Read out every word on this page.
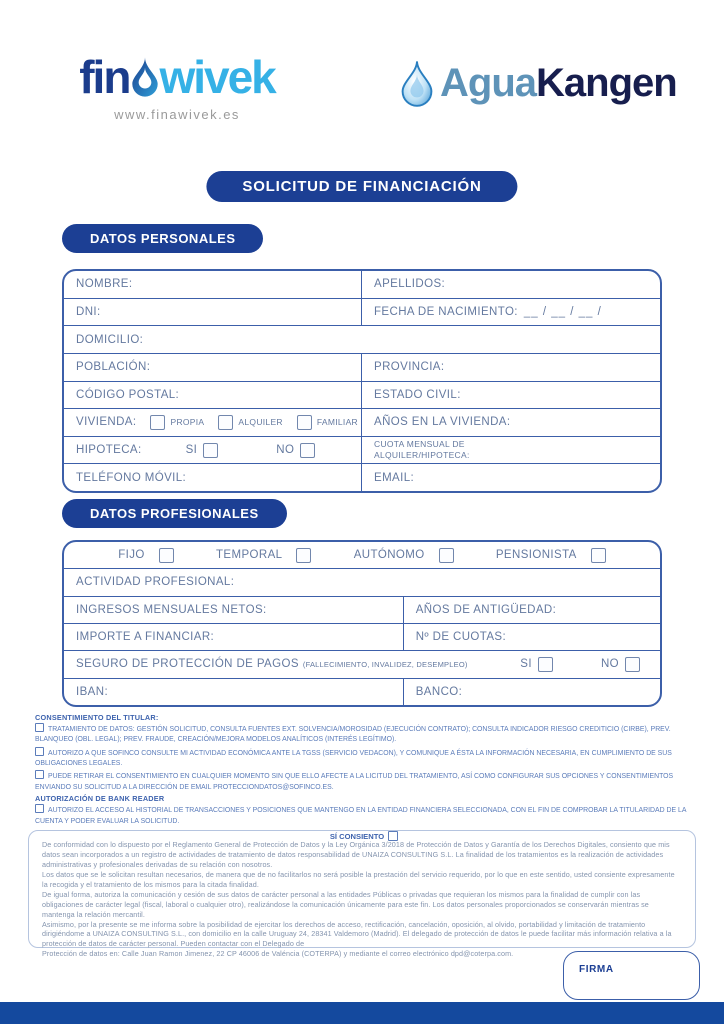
fin wivek
www.finawivek.es
Agua Kangen
SOLICITUD DE FINANCIACIÓN
DATOS PERSONALES
NOMBRE:	APELLIDOS:
DNI:	FECHA DE NACIMIENTO: __ / __ / __ /
DOMICILIO:
POBLACIÓN:	PROVINCIA:
CÓDIGO POSTAL:	ESTADO CIVIL:
VIVIENDA:	PROPIA	ALQUILER	FAMILIAR AÑOS EN LA VIVIENDA:
HIPOTECA:	SI	NO	CUOTA MENSUAL DE
ALQUILER/HIPOTECA:
TELÉFONO MÓVIL:	EMAIL:
DATOS PROFESIONALES
FIJO	TEMPORAL	AUTÓNOMO	PENSIONISTA
ACTIVIDAD PROFESIONAL:
INGRESOS MENSUALES NETOS:	AÑOS DE ANTIGÜEDAD:
IMPORTE A FINANCIAR:	Nº DE CUOTAS:
SEGURO DE PROTECCIÓN DE PAGOS (FALLECIMIENTO, INVALIDEZ, DESEMPLEO)	SI	NO
IBAN:	BANCO:
CONSENTIMIENTO DEL TITULAR:
TRATAMIENTO DE DATOS: GESTIÓN SOLICITUD, CONSULTA FUENTES EXT. SOLVENCIA/MOROSIDAD (EJECUCIÓN CONTRATO); CONSULTA INDICADOR RIESGO CREDITICIO (CIRBE), PREV. BLANQUEO (OBL. LEGAL); PREV. FRAUDE, CREACIÓN/MEJORA MODELOS ANALÍTICOS (INTERÉS LEGÍTIMO).
AUTORIZO A QUE SOFINCO CONSULTE MI ACTIVIDAD ECONÓMICA ANTE LA TGSS (SERVICIO VEDACON), Y COMUNIQUE A ÉSTA LA INFORMACIÓN NECESARIA, EN CUMPLIMIENTO DE SUS OBLIGACIONES LEGALES.
PUEDE RETIRAR EL CONSENTIMIENTO EN CUALQUIER MOMENTO SIN QUE ELLO AFECTE A LA LICITUD DEL TRATAMIENTO, ASÍ COMO CONFIGURAR SUS OPCIONES Y CONSENTIMIENTOS ENVIANDO SU SOLICITUD A LA DIRECCIÓN DE EMAIL PROTECCIONDATOS@SOFINCO.ES.
AUTORIZACIÓN DE BANK READER
AUTORIZO EL ACCESO AL HISTORIAL DE TRANSACCIONES Y POSICIONES QUE MANTENGO EN LA ENTIDAD FINANCIERA SELECCIONADA, CON EL FIN DE COMPROBAR LA TITULARIDAD DE LA CUENTA Y PODER EVALUAR LA SOLICITUD.
SÍ CONSIENTO

De conformidad con lo dispuesto por el Reglamento General de Protección de Datos y la Ley Orgánica 3/2018 de Protección de Datos y Garantía de los Derechos Digitales, consiento que mis datos sean incorporados a un registro de actividades de tratamiento de datos responsabilidad de UNAIZA CONSULTING S.L. La finalidad de los tratamientos es la realización de actividades administrativas y profesionales derivadas de su relación con nosotros.

Los datos que se le solicitan resultan necesarios, de manera que de no facilitarlos no será posible la prestación del servicio requerido, por lo que en este sentido, usted consiente expresamente la recogida y el tratamiento de los mismos para la citada finalidad.

De igual forma, autoriza la comunicación y cesión de sus datos de carácter personal a las entidades Públicas o privadas que requieran los mismos para la finalidad de cumplir con las obligaciones de carácter legal (fiscal, laboral o cualquier otro), realizándose la comunicación únicamente para este fin. Los datos personales proporcionados se conservarán mientras se mantenga la relación mercantil.

Asimismo, por la presente se me informa sobre la posibilidad de ejercitar los derechos de acceso, rectificación, cancelación, oposición, al olvido, portabilidad y limitación de tratamiento dirigiéndome a UNAIZA CONSULTING S.L., con domicilio en la calle Uruguay 24, 28341 Valdemoro (Madrid). El delegado de protección de datos le puede facilitar más información relativa a la protección de datos de carácter personal. Pueden contactar con el Delegado de

Protección de datos en: Calle Juan Ramon Jimenez, 22 CP 46006 de Valéncia (COTERPA) y mediante el correo electrónico dpd@coterpa.com.

FIRMA
